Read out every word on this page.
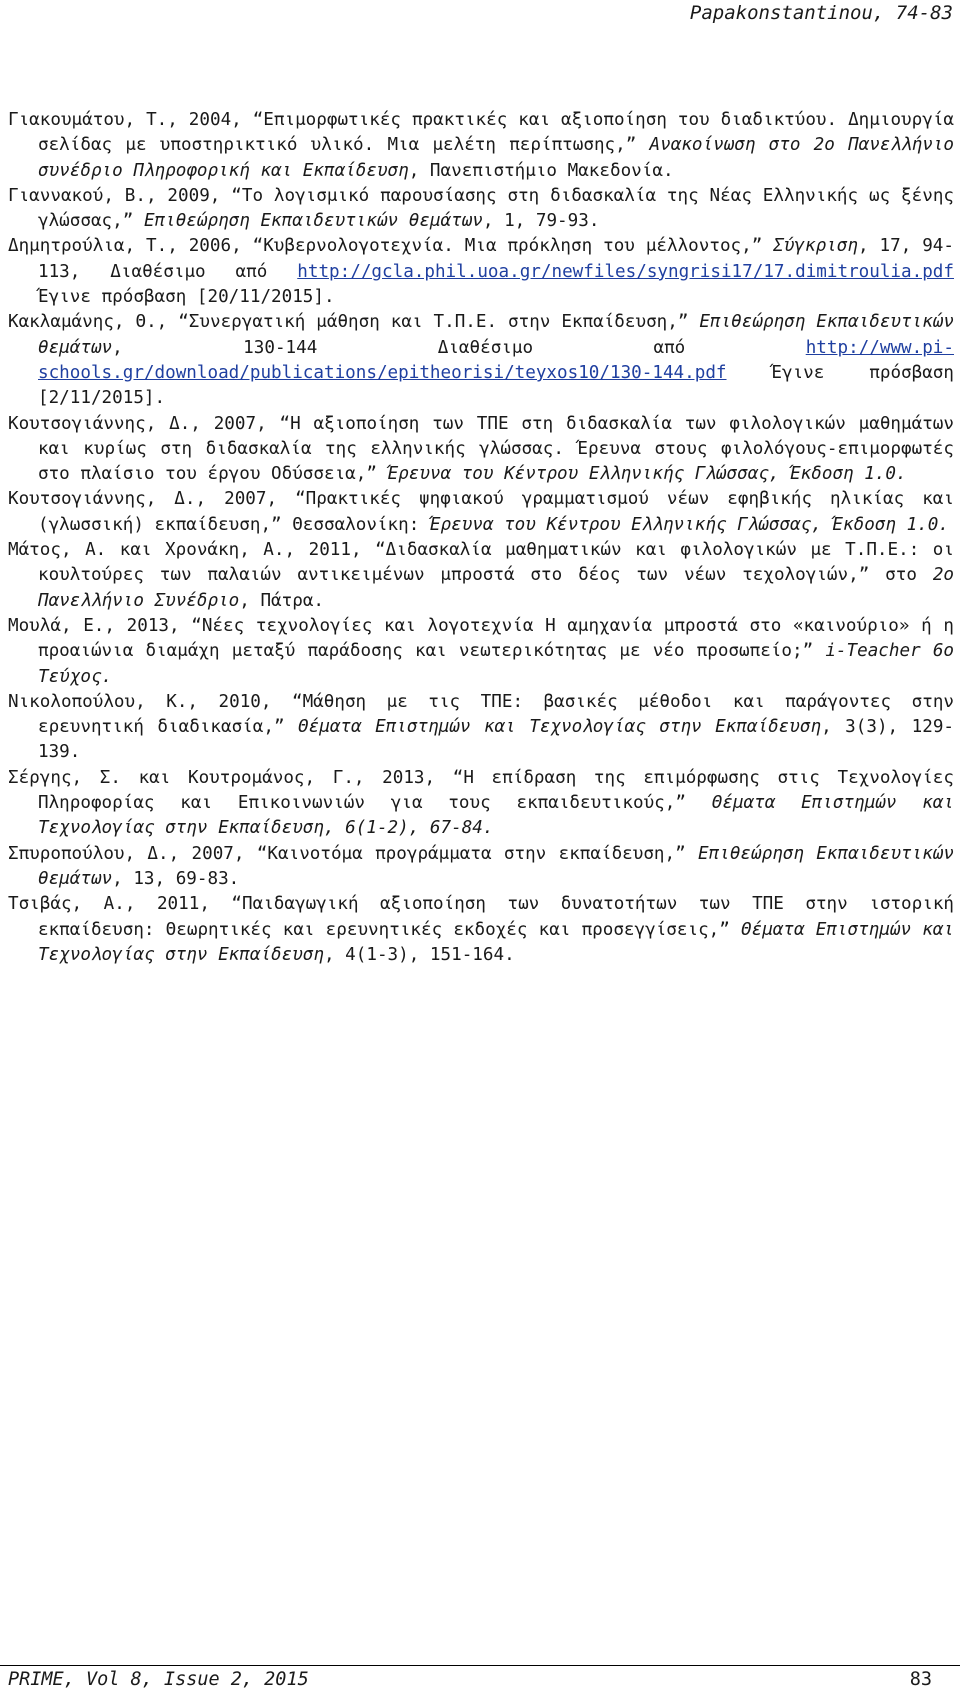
Papakonstantinou, 74-83
Γιακουμάτου, Τ., 2004, “Επιμορφωτικές πρακτικές και αξιοποίηση του διαδικτύου. Δημιουργία σελίδας με υποστηρικτικό υλικό. Μια μελέτη περίπτωσης,” Ανακοίνωση στο 2ο Πανελλήνιο συνέδριο Πληροφορική και Εκπαίδευση, Πανεπιστήμιο Μακεδονία.
Γιαννακού, Β., 2009, “Το λογισμικό παρουσίασης στη διδασκαλία της Νέας Ελληνικής ως ξένης γλώσσας,” Επιθεώρηση Εκπαιδευτικών θεμάτων, 1, 79-93.
Δημητρούλια, Τ., 2006, “Κυβερνολογοτεχνία. Μια πρόκληση του μέλλοντος,” Σύγκριση, 17, 94-113, Διαθέσιμο από http://gcla.phil.uoa.gr/newfiles/syngrisi17/17.dimitroulia.pdf Έγινε πρόσβαση [20/11/2015].
Κακλαμάνης, Θ., “Συνεργατική μάθηση και Τ.Π.Ε. στην Εκπαίδευση,” Επιθεώρηση Εκπαιδευτικών θεμάτων, 130-144 Διαθέσιμο από http://www.pi-schools.gr/download/publications/epitheorisi/teyxos10/130-144.pdf Έγινε πρόσβαση [2/11/2015].
Κουτσογιάννης, Δ., 2007, “Η αξιοποίηση των ΤΠΕ στη διδασκαλία των φιλολογικών μαθημάτων και κυρίως στη διδασκαλία της ελληνικής γλώσσας. Έρευνα στους φιλολόγους-επιμορφωτές στο πλαίσιο του έργου Οδύσσεια,” Έρευνα του Κέντρου Ελληνικής Γλώσσας, Έκδοση 1.0.
Κουτσογιάννης, Δ., 2007, “Πρακτικές ψηφιακού γραμματισμού νέων εφηβικής ηλικίας και (γλωσσική) εκπαίδευση,” Θεσσαλονίκη: Έρευνα του Κέντρου Ελληνικής Γλώσσας, Έκδοση 1.0.
Μάτος, Α. και Χρονάκη, Α., 2011, “Διδασκαλία μαθηματικών και φιλολογικών με Τ.Π.Ε.: οι κουλτούρες των παλαιών αντικειμένων μπροστά στο δέος των νέων τεχολογιών,” στο 2ο Πανελλήνιο Συνέδριο, Πάτρα.
Μουλά, Ε., 2013, “Νέες τεχνολογίες και λογοτεχνία Η αμηχανία μπροστά στο «καινούριο» ή η προαιώνια διαμάχη μεταξύ παράδοσης και νεωτερικότητας με νέο προσωπείο;” i-Teacher 6ο Τεύχος.
Νικολοπούλου, Κ., 2010, “Μάθηση με τις ΤΠΕ: βασικές μέθοδοι και παράγοντες στην ερευνητική διαδικασία,” Θέματα Επιστημών και Τεχνολογίας στην Εκπαίδευση, 3(3), 129-139.
Σέργης, Σ. και Κουτρομάνος, Γ., 2013, “Η επίδραση της επιμόρφωσης στις Τεχνολογίες Πληροφορίας και Επικοινωνιών για τους εκπαιδευτικούς,” Θέματα Επιστημών και Τεχνολογίας στην Εκπαίδευση, 6(1-2), 67-84.
Σπυροπούλου, Δ., 2007, “Καινοτόμα προγράμματα στην εκπαίδευση,” Επιθεώρηση Εκπαιδευτικών θεμάτων, 13, 69-83.
Τσιβάς, Α., 2011, “Παιδαγωγική αξιοποίηση των δυνατοτήτων των ΤΠΕ στην ιστορική εκπαίδευση: Θεωρητικές και ερευνητικές εκδοχές και προσεγγίσεις,” Θέματα Επιστημών και Τεχνολογίας στην Εκπαίδευση, 4(1-3), 151-164.
PRIME, Vol 8, Issue 2, 2015	83
